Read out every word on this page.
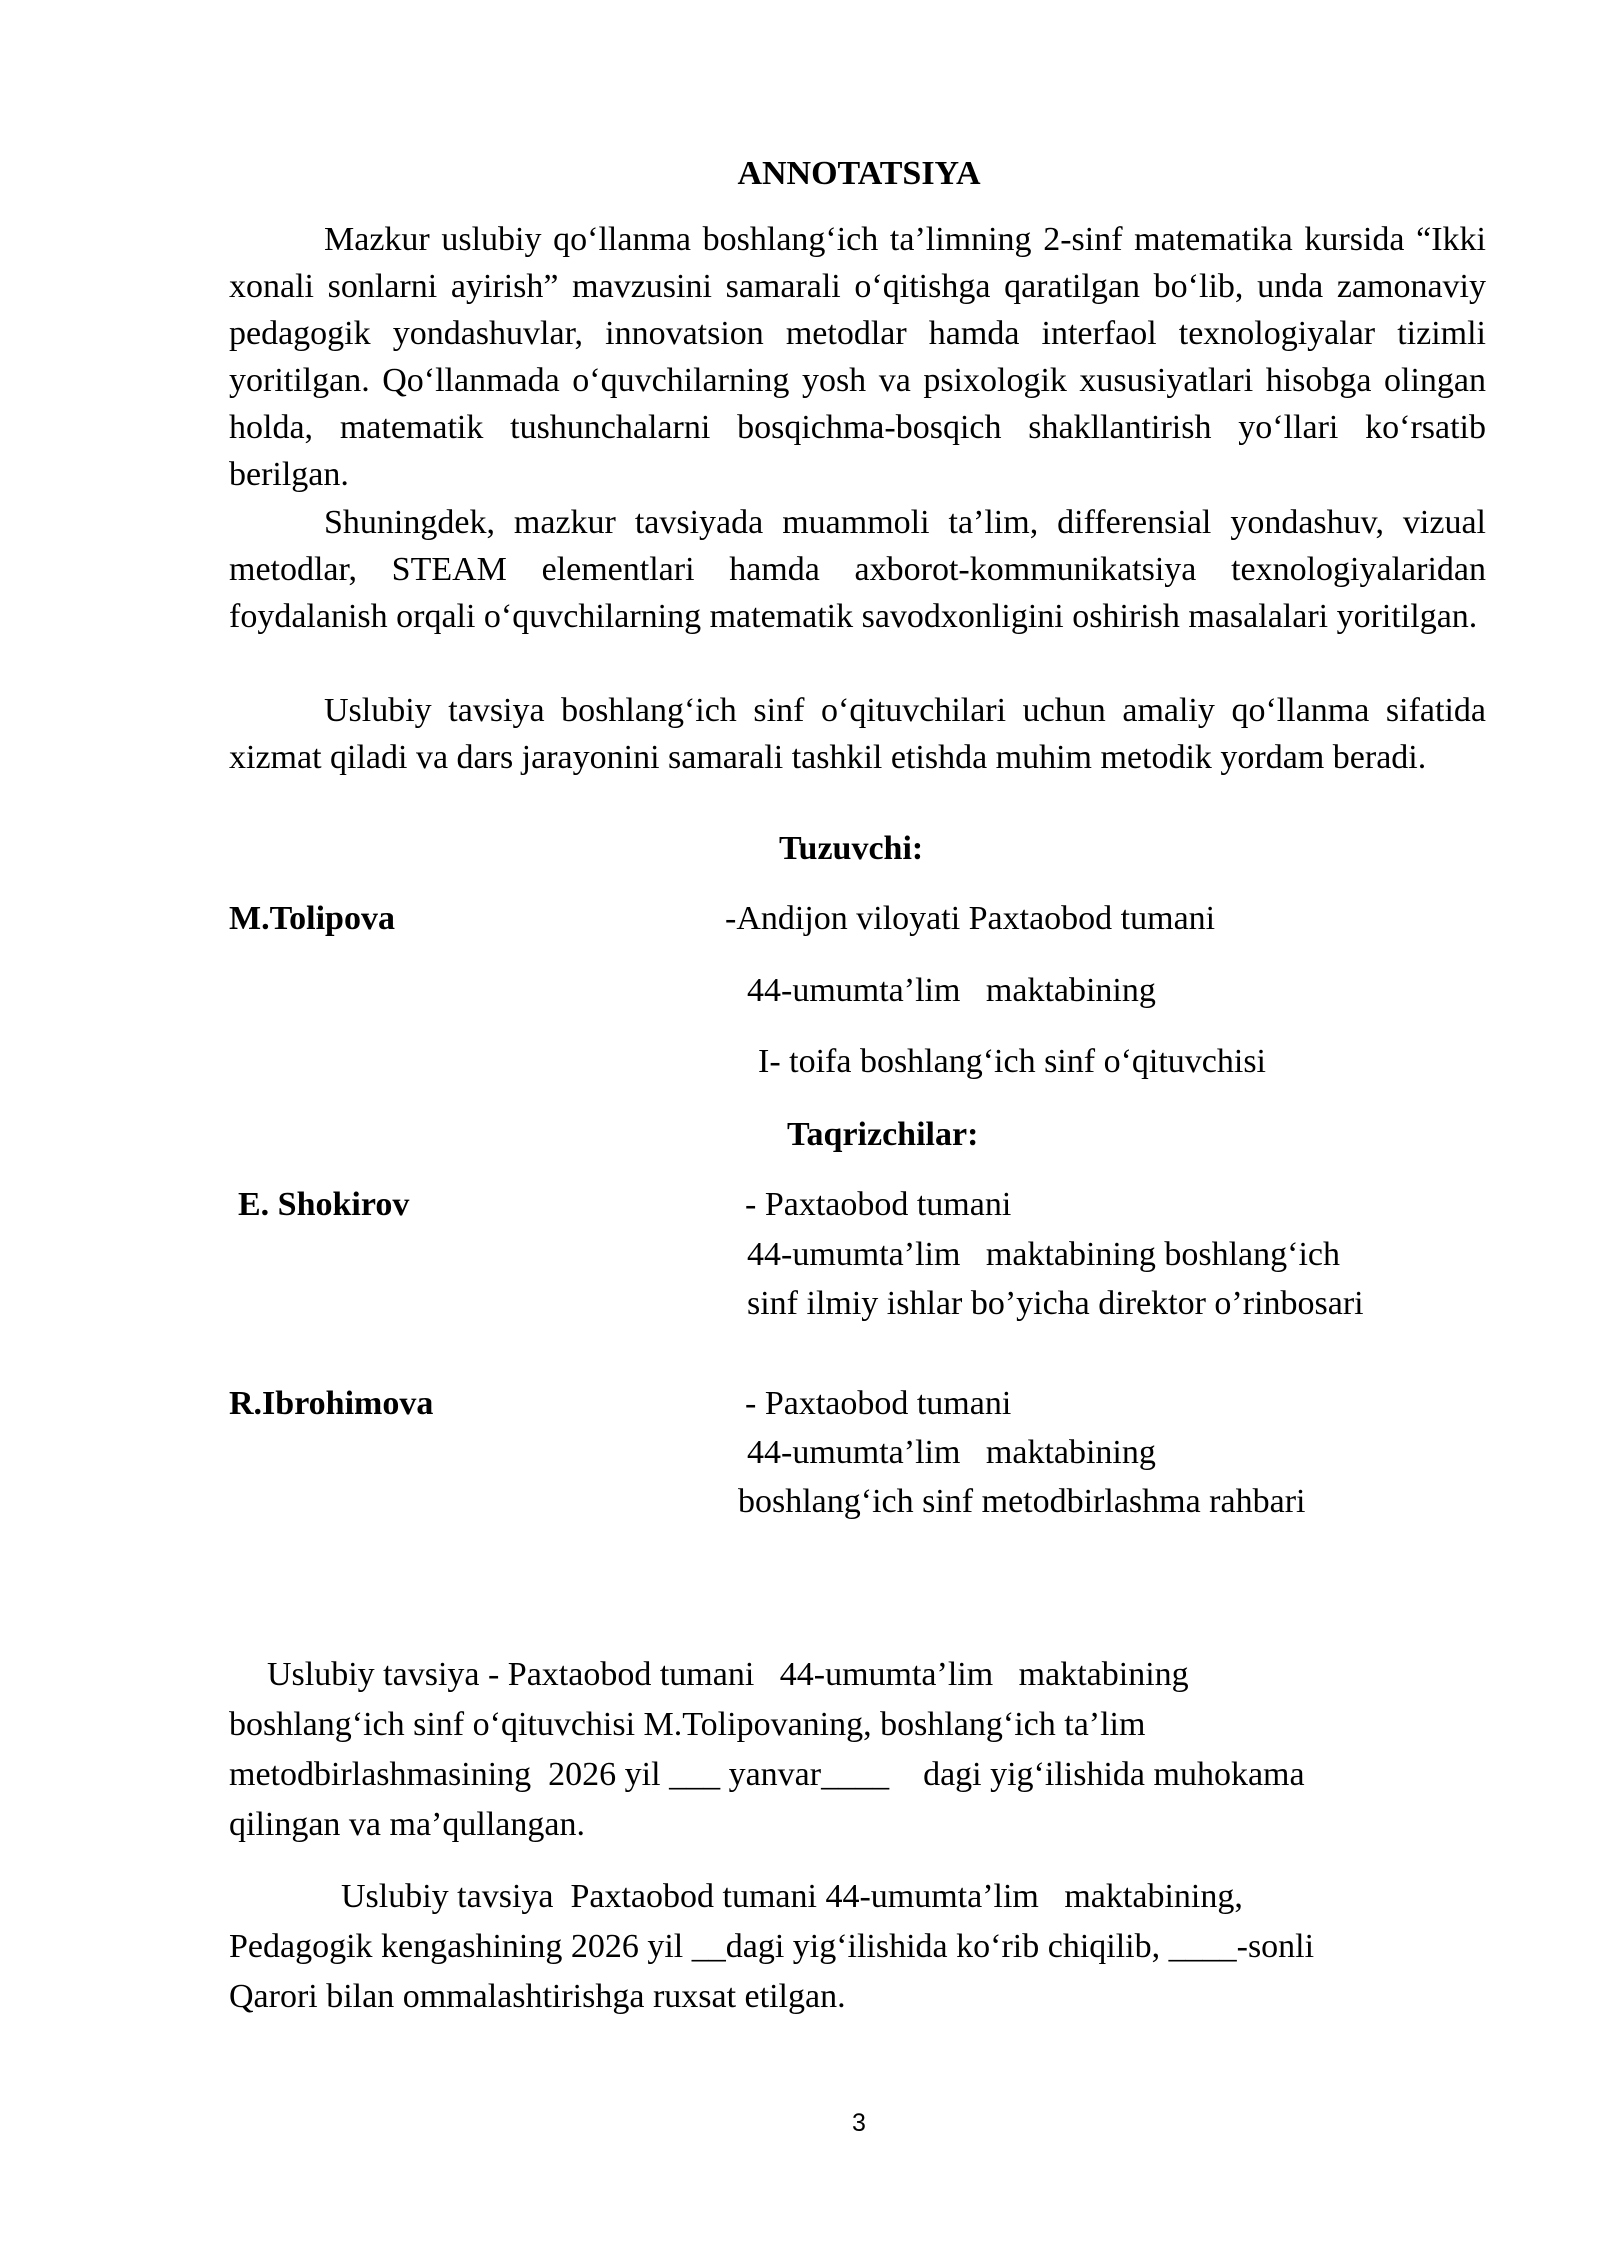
ANNOTATSIYA

Mazkur uslubiy qo‘llanma boshlang‘ich ta’limning 2-sinf matematika kursida “Ikki xonali sonlarni ayirish” mavzusini samarali o‘qitishga qaratilgan bo‘lib, unda zamonaviy pedagogik yondashuvlar, innovatsion metodlar hamda interfaol texnologiyalar tizimli yoritilgan. Qo‘llanmada o‘quvchilarning yosh va psixologik xususiyatlari hisobga olingan holda, matematik tushunchalarni bosqichma-bosqich shakllantirish yo‘llari ko‘rsatib berilgan.

Shuningdek, mazkur tavsiyada muammoli ta’lim, differensial yondashuv, vizual metodlar, STEAM elementlari hamda axborot-kommunikatsiya texnologiyalaridan foydalanish orqali o‘quvchilarning matematik savodxonligini oshirish masalalari yoritilgan.

Uslubiy tavsiya boshlang‘ich sinf o‘qituvchilari uchun amaliy qo‘llanma sifatida xizmat qiladi va dars jarayonini samarali tashkil etishda muhim metodik yordam beradi.

Tuzuvchi:
M.Tolipova	-Andijon viloyati Paxtaobod tumani
44-umumta’lim   maktabining
I- toifa boshlang‘ich sinf o‘qituvchisi
Taqrizchilar:
E. Shokirov	- Paxtaobod tumani
44-umumta’lim   maktabining boshlang‘ich
sinf ilmiy ishlar bo’yicha direktor o’rinbosari
R.Ibrohimova	- Paxtaobod tumani
44-umumta’lim   maktabining
boshlang‘ich sinf metodbirlashma rahbari
Uslubiy tavsiya - Paxtaobod tumani   44-umumta’lim   maktabining
boshlang‘ich sinf o‘qituvchisi M.Tolipovaning, boshlang‘ich ta’lim
metodbirlashmasining  2026 yil ___ yanvar____    dagi yig‘ilishida muhokama
qilingan va ma’qullangan.
Uslubiy tavsiya  Paxtaobod tumani 44-umumta’lim   maktabining,
Pedagogik kengashining 2026 yil __dagi yig‘ilishida ko‘rib chiqilib, ____-sonli
Qarori bilan ommalashtirishga ruxsat etilgan.
3
